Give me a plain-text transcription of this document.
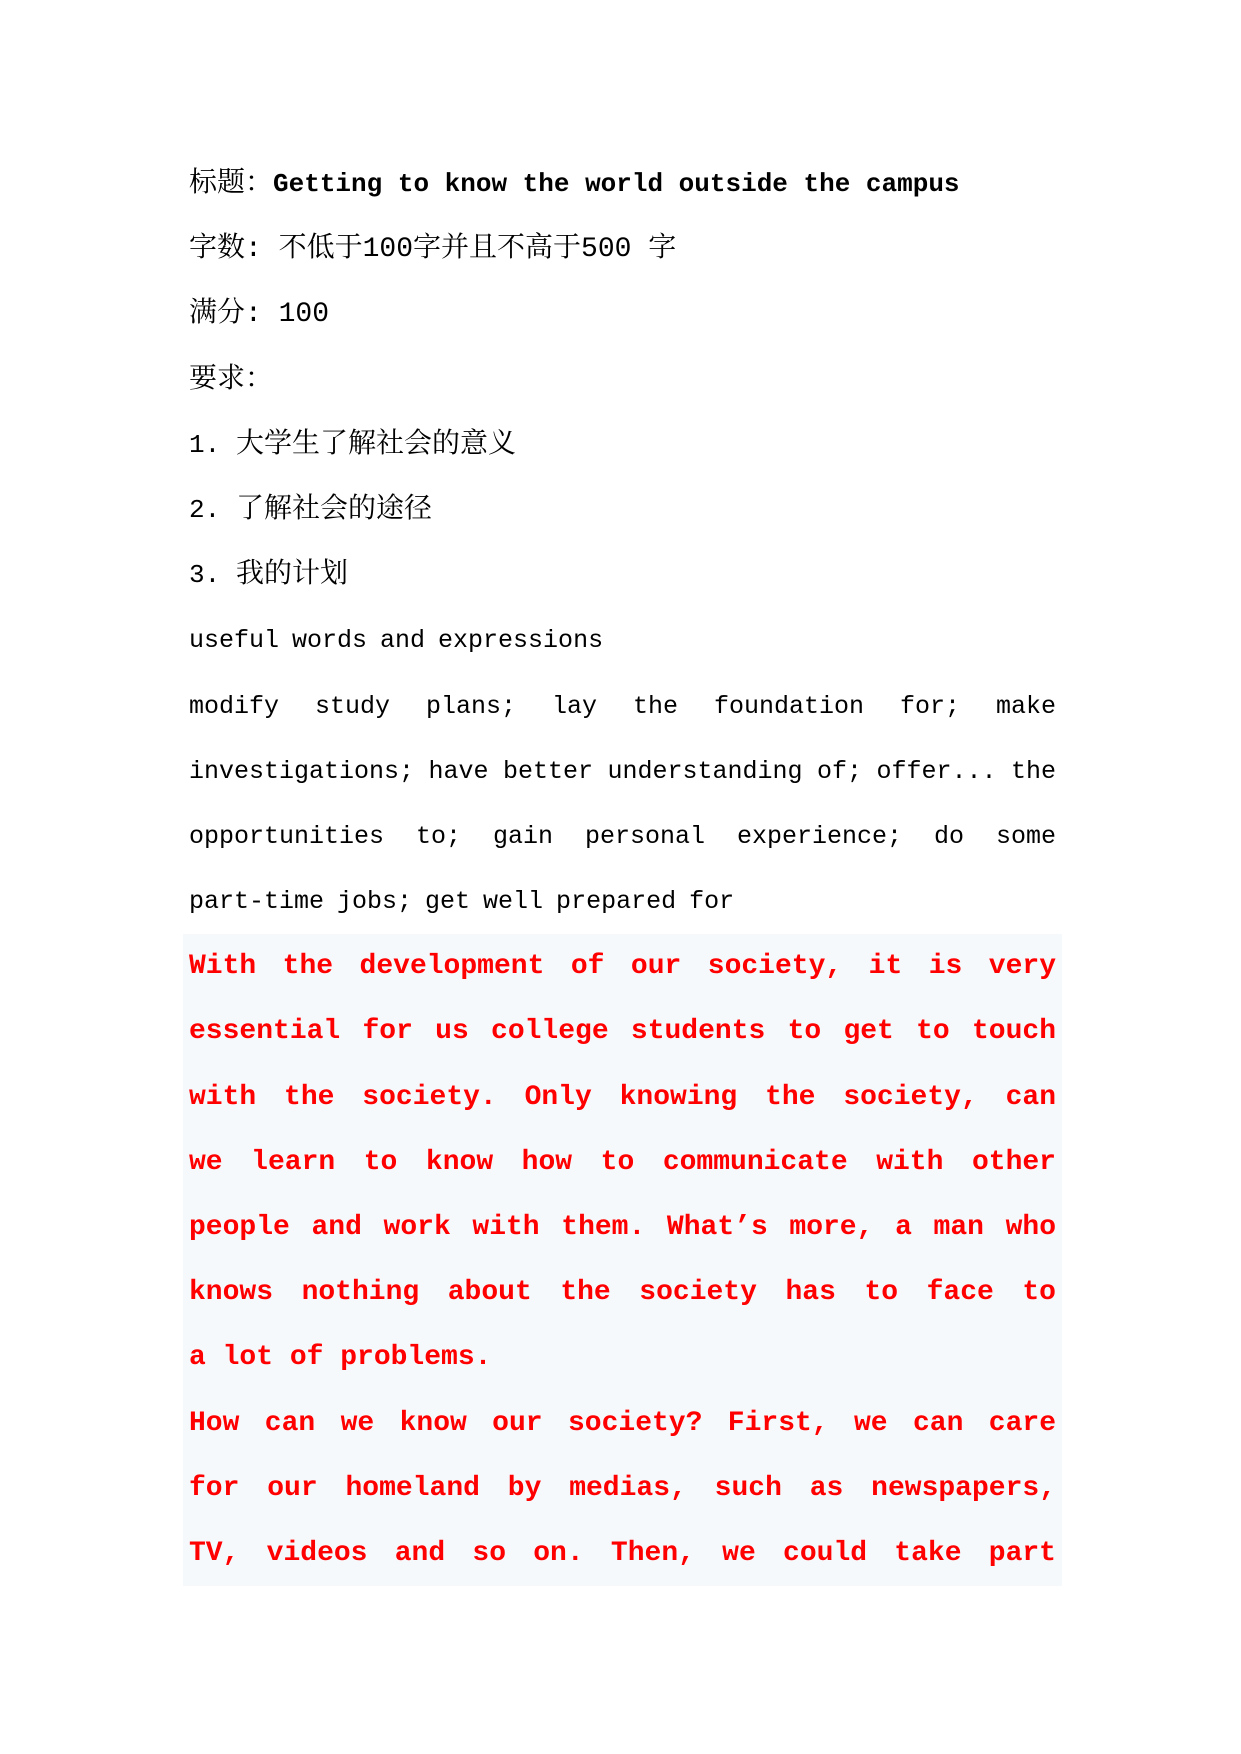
标题：Getting to know the world outside the campus
字数: 不低于100字并且不高于500 字
满分: 100
要求：
1. 大学生了解社会的意义
2. 了解社会的途径
3. 我的计划
useful words and expressions
modify study plans; lay the foundation for; make
investigations; have better understanding of; offer... the
opportunities to; gain personal experience; do some
part-time jobs; get well prepared for
With the development of our society, it is very
essential for us college students to get to touch
with the society. Only knowing the society, can
we learn to know how to communicate with other
people and work with them. What’s more, a man who
knows nothing about the society has to face to
a lot of problems.
How can we know our society? First, we can care
for our homeland by medias, such as newspapers,
TV, videos and so on. Then, we could take part
